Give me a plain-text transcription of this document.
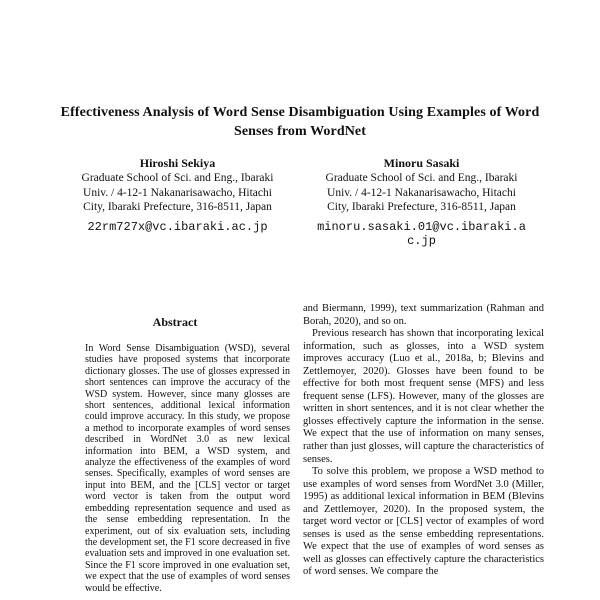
Effectiveness Analysis of Word Sense Disambiguation Using Examples of Word Senses from WordNet
Hiroshi Sekiya
Graduate School of Sci. and Eng., Ibaraki
Univ. / 4-12-1 Nakanarisawacho, Hitachi
City, Ibaraki Prefecture, 316-8511, Japan
22rm727x@vc.ibaraki.ac.jp
Minoru Sasaki
Graduate School of Sci. and Eng., Ibaraki
Univ. / 4-12-1 Nakanarisawacho, Hitachi
City, Ibaraki Prefecture, 316-8511, Japan
minoru.sasaki.01@vc.ibaraki.ac.jp
Abstract
In Word Sense Disambiguation (WSD), several studies have proposed systems that incorporate dictionary glosses. The use of glosses expressed in short sentences can improve the accuracy of the WSD system. However, since many glosses are short sentences, additional lexical information could improve accuracy. In this study, we propose a method to incorporate examples of word senses described in WordNet 3.0 as new lexical information into BEM, a WSD system, and analyze the effectiveness of the examples of word senses. Specifically, examples of word senses are input into BEM, and the [CLS] vector or target word vector is taken from the output word embedding representation sequence and used as the sense embedding representation. In the experiment, out of six evaluation sets, including the development set, the F1 score decreased in five evaluation sets and improved in one evaluation set. Since the F1 score improved in one evaluation set, we expect that the use of examples of word senses would be effective.

and Biermann, 1999), text summarization (Rahman and Borah, 2020), and so on.

Previous research has shown that incorporating lexical information, such as glosses, into a WSD system improves accuracy (Luo et al., 2018a, b; Blevins and Zettlemoyer, 2020). Glosses have been found to be effective for both most frequent sense (MFS) and less frequent sense (LFS). However, many of the glosses are written in short sentences, and it is not clear whether the glosses effectively capture the information in the sense. We expect that the use of information on many senses, rather than just glosses, will capture the characteristics of senses.

To solve this problem, we propose a WSD method to use examples of word senses from WordNet 3.0 (Miller, 1995) as additional lexical information in BEM (Blevins and Zettlemoyer, 2020). In the proposed system, the target word vector or [CLS] vector of examples of word senses is used as the sense embedding representations. We expect that the use of examples of word senses as well as glosses can effectively capture the characteristics of word senses. We compare the
